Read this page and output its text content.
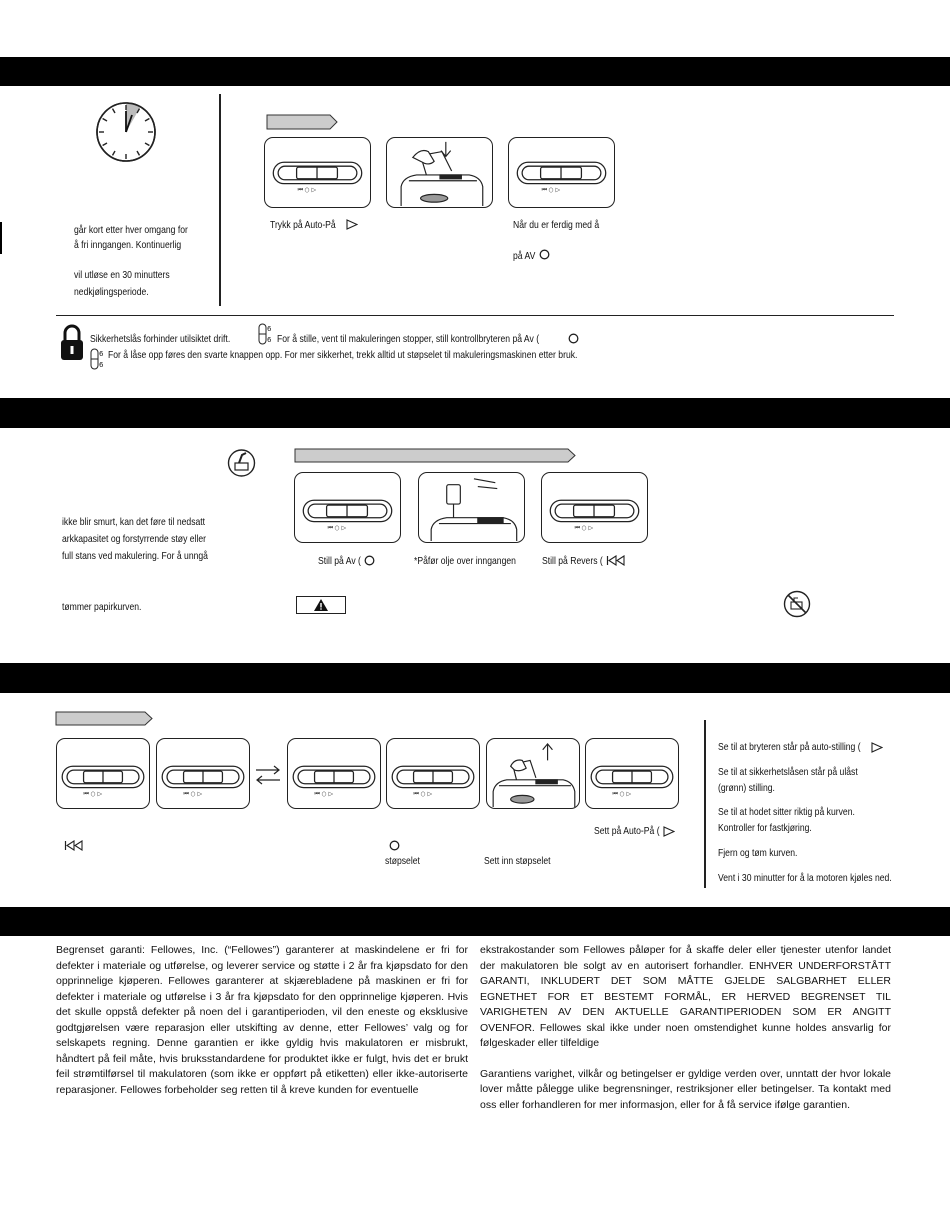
går kort etter hver omgang for
å fri inngangen. Kontinuerlig
vil utløse en 30 minutters
nedkjølingsperiode.
⏮ ○ ▷	⏮ ○ ▷
Trykk på Auto-På	Når du er ferdig med å
på AV
Sikkerhetslås forhinder utilsiktet drift.
6
6 For å stille, vent til makuleringen stopper, still kontrollbryteren på Av (
6
6
For å låse opp føres den svarte knappen opp. For mer sikkerhet, trekk alltid ut støpselet til makuleringsmaskinen etter bruk.
⏮ ○ ▷	⏮ ○ ▷
ikke blir smurt, kan det føre til nedsatt
arkkapasitet og forstyrrende støy eller
full stans ved makulering. For å unngå
tømmer papirkurven.
Still på Av (	*Påfør olje over inngangen Still på Revers (
⏮ ○ ▷	⏮ ○ ▷	⏮ ○ ▷	⏮ ○ ▷	⏮ ○ ▷
Sett på Auto-På (
støpselet	Sett inn støpselet
Se til at bryteren står på auto-stilling (
Se til at sikkerhetslåsen står på ulåst
(grønn) stilling.
Se til at hodet sitter riktig på kurven.
Kontroller for fastkjøring.
Fjern og tøm kurven.
Vent i 30 minutter for å la motoren kjøles ned.

Begrenset garanti: Fellowes, Inc. (“Fellowes”) garanterer at maskindelene er fri for defekter i materiale og utførelse, og leverer service og støtte i 2 år fra kjøpsdato for den opprinnelige kjøperen. Fellowes garanterer at skjærebladene på maskinen er fri for defekter i materiale og utførelse i 3 år fra kjøpsdato for den opprinnelige kjøperen. Hvis det skulle oppstå defekter på noen del i garantiperioden, vil den eneste og eksklusive godtgjørelsen være reparasjon eller utskifting av denne, etter Fellowes’ valg og for selskapets regning. Denne garantien er ikke gyldig hvis makulatoren er misbrukt, håndtert på feil måte, hvis bruksstandardene for produktet ikke er fulgt, hvis det er brukt feil strømtilførsel til makulatoren (som ikke er oppført på etiketten) eller ikke-autoriserte reparasjoner. Fellowes forbeholder seg retten til å kreve kunden for eventuelle

ekstrakostander som Fellowes påløper for å skaffe deler eller tjenester utenfor landet der makulatoren ble solgt av en autorisert forhandler. ENHVER UNDERFORSTÅTT GARANTI, INKLUDERT DET SOM MÅTTE GJELDE SALGBARHET ELLER EGNETHET FOR ET BESTEMT FORMÅL, ER HERVED BEGRENSET TIL VARIGHETEN AV DEN AKTUELLE GARANTIPERIODEN SOM ER ANGITT OVENFOR. Fellowes skal ikke under noen omstendighet kunne holdes ansvarlig for følgeskader eller tilfeldige

Garantiens varighet, vilkår og betingelser er gyldige verden over, unntatt der hvor lokale lover måtte pålegge ulike begrensninger, restriksjoner eller betingelser. Ta kontakt med oss eller forhandleren for mer informasjon, eller for å få service ifølge garantien.
